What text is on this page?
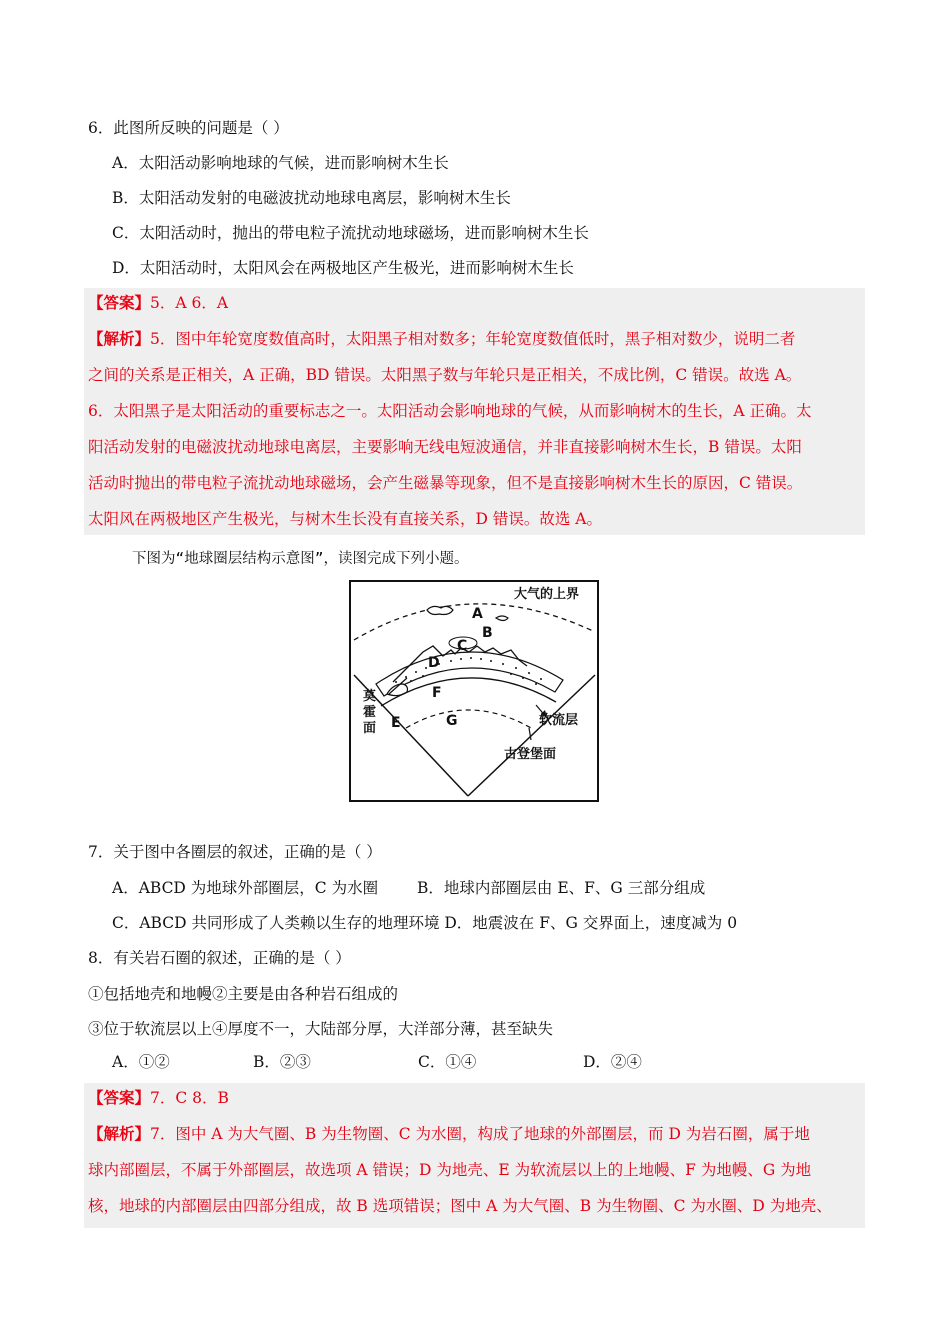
6．此图所反映的问题是（ ）
A．太阳活动影响地球的气候，进而影响树木生长
B．太阳活动发射的电磁波扰动地球电离层，影响树木生长
C．太阳活动时，抛出的带电粒子流扰动地球磁场，进而影响树木生长
D．太阳活动时，太阳风会在两极地区产生极光，进而影响树木生长
【答案】5．A 6．A
【解析】5．图中年轮宽度数值高时，太阳黑子相对数多；年轮宽度数值低时，黑子相对数少，说明二者
之间的关系是正相关，A 正确，BD 错误。太阳黑子数与年轮只是正相关，不成比例，C 错误。故选 A。
6．太阳黑子是太阳活动的重要标志之一。太阳活动会影响地球的气候，从而影响树木的生长，A 正确。太
阳活动发射的电磁波扰动地球电离层，主要影响无线电短波通信，并非直接影响树木生长，B 错误。太阳
活动时抛出的带电粒子流扰动地球磁场，会产生磁暴等现象，但不是直接影响树木生长的原因，C 错误。
太阳风在两极地区产生极光，与树木生长没有直接关系，D 错误。故选 A。
下图为“地球圈层结构示意图”，读图完成下列小题。
大气的上界
A
B
C
D
F
G
E
莫
霍
面
软流层
古登堡面
7．关于图中各圈层的叙述，正确的是（ ）
A．ABCD 为地球外部圈层，C 为水圈	B．地球内部圈层由 E、F、G 三部分组成
C．ABCD 共同形成了人类赖以生存的地理环境 D．地震波在 F、G 交界面上，速度减为 0
8．有关岩石圈的叙述，正确的是（ ）
①包括地壳和地幔②主要是由各种岩石组成的
③位于软流层以上④厚度不一，大陆部分厚，大洋部分薄，甚至缺失
A．①②	B．②③	C．①④	D．②④
【答案】7．C 8．B
【解析】7．图中 A 为大气圈、B 为生物圈、C 为水圈，构成了地球的外部圈层，而 D 为岩石圈，属于地
球内部圈层，不属于外部圈层，故选项 A 错误；D 为地壳、E 为软流层以上的上地幔、F 为地幔、G 为地
核，地球的内部圈层由四部分组成，故 B 选项错误；图中 A 为大气圈、B 为生物圈、C 为水圈、D 为地壳、
